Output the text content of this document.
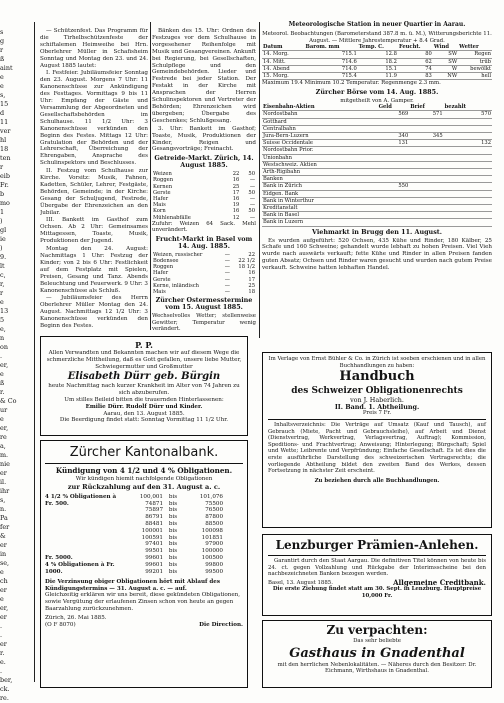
s
g
r
ß
aint
e
e
s,
15
d
11
ver
hl
18
ten
r
eib
Fr.
b
mo
1
)
gl
ie
)
9.
lt
c,
r,
r
e
13
5
e,
n
on
.
er,
e
ß
r.
& Co
ur
e
er,
re
a,
m.
nie
er
il.
ihr
s,
n.
Pa
fer
&
er
in
se,
e
ch
er
e
er,
er
.
.
er
r.
e.
.
ber,
ck.
re.

— Schützenfest. Das Programm für die Tirhelbschützenfeste der schiftalemen Heimweihe bei Hrn. Oberlehrer Müller in Schafisheim Sonntag und Montag den 23. und 24. August 1885 lautet:

I. Festfeier. Jubiläumsfeier Sonntag den 23. August. Morgens 7 Uhr: 11 Kanonenschüsse zur Ankündigung des Festtages. Vormittags 9 bis 11 Uhr: Empfang der Gäste und Versammlung der Abgeordneten und Gesellschaftsbehörden im Schulhause. 11 1/2 Uhr: 3 Kanonenschüsse verkünden den Beginn des Festes. Mittags 12 Uhr: Gratulation der Behörden und der Lehrerschaft, Überreichung der Ehrengaben, Ansprache des Schulinspektors und Beschlusses.

II. Festzug vom Schulhause zur Kirche. Vorsitz: Musik, Fahnen, Kadetten, Schüler, Lehrer, Festgäste, Behörden, Gemeinde; in der Kirche: Gesang der Schuljugend, Festrede, Übergabe der Ehrenzeichen an den Jubilar.

III. Bankett im Gasthof zum Ochsen. Ab 2 Uhr: Gemeinsames Mittagessen, Toaste, Musik, Produktionen der Jugend.

Montag den 24. August: Nachmittags 1 Uhr: Festzug der Kinder; von 2 bis 6 Uhr: Festlichkeit auf dem Festplatz mit Spielen, Preisen, Gesang und Tanz. Abends Beleuchtung und Feuerwerk. 9 Uhr: 3 Kanonenschüsse als Schluß.

— Jubiläumsfeier des Herrn Oberlehrer Müller Montag den 24. August. Nachmittags 12 1/2 Uhr: 3 Kanonenschüsse verkünden den Beginn des Festes.

Bänken des 15. Uhr: Ordnen des Festzuges vor dem Schulhause in vorgesehener Reihenfolge mit Musik und Gesangvereinen. Ankunft bei Regierung, bei Gesellschaften, Schulpflege und den Gemeindebehörden. Lieder und Festrede bei jeder Station. Der Festakt in der Kirche mit Ansprachen der Herren Schulinspektoren und Vertreter der Behörden; Ehrenzeichen wird übergeben; Übergabe des Geschenkes; Schlußgesang.

3. Uhr: Bankett im Gasthof; Toaste, Musik, Produktionen der Kinder, Reigen und Gesangsvorträge; Freinacht.

Getreide-Markt. Zürich, 14. August 1885.
Weizen	22	50
Roggen	16	—
Kernen	25	—
Gerste	17	50
Hafer	16	—
Mais	19	—
Korn	16	50
Mühlenabfälle	12	—
Zufuhr: Weizen 64 Sack. Mehl unverändert.
Frucht-Markt in Basel vom 14. Aug. 1885.
Weizen, russischer	—	22
Bodensee	—	22 1/2
Roggen	—	18 1/2
Hafer	—	16
Gerste	—	17
Kerne, inländisch	—	25
Mais	—	18
Zürcher Ostermesstermine vom 15. August 1885.
Wechselvolles Wetter; stellenweise Gewitter; Temperatur wenig verändert.
Meteorologische Station in neuer Quartier in Aarau.
Meteorol. Beobachtungen (Barometerstand 387.8 m. ü. M.), Witterungsberichte 11. August. — Mittlere Jahrestemperatur + 8.4 Grad.
Datum	Barom. mm	Temp. C.	Feucht.	Wind	Wetter
14. Morg.	715.1	12.8	80	SW	Regen
14. Mitt.	714.6	18.2	62	SW	trüb
14. Abend	714.0	15.1	74	W	bewölkt
15. Morg.	715.4	11.9	83	NW	hell
Maximum 19.4 Minimum 10.2 Temperatur. Regenmenge 2.3 mm.
Zürcher Börse vom 14. Aug. 1885.
mitgetheilt von A. Gamper.
Eisenbahn-Aktien	Geld	Brief	bezahlt
Nordostbahn	569	571	570
Gotthard			
Centralbahn			
Jura-Bern-Luzern	340	345	
Suisse Occidentale	131		132
Nordostbahn Prior.			
Unionbahn			
Westschweiz. Aktien			
Arth-Rigibahn			
Banken			
Bank in Zürich	550		
Eidgen. Bank			
Bank in Winterthur			
Kreditanstalt			
Bank in Basel			
Bank in Luzern			
Viehmarkt in Brugg den 11. August.

Es wurden aufgeführt: 520 Ochsen, 435 Kühe und Rinder, 180 Kälber, 25 Schafe und 160 Schweine; gehandelt wurde lebhaft zu hohen Preisen. Viel Vieh wurde nach auswärts verkauft; fette Kühe und Rinder in allen Preisen fanden guten Absatz; Ochsen und Rinder waren gesucht und wurden nach gutem Preise verkauft. Schweine hatten lebhaften Handel.

P. P.
Allen Verwandten und Bekannten machen wir auf diesem Wege die schmerzliche Mittheilung, daß es Gott gefallen, unsere liebe Mutter, Schwiegermutter und Großmutter
Elisabeth Dürr geb. Bürgin
heute Nachmittag nach kurzer Krankheit im Alter von 74 Jahren zu sich abzuberufen.
Um stilles Beileid bitten die trauernden Hinterlassenen:
Emilie Dürr. Rudolf Dürr und Kinder.
Aarau, den 13. August 1885.
Die Beerdigung findet statt: Sonntag Vormittag 11 1/2 Uhr.
Zürcher Kantonalbank.
Kündigung von 4 1/2 und 4 % Obligationen.
Wir kündigen hiemit nachfolgende Obligationen
zur Rückzahlung auf den 31. August a. c.
4 1/2 % Obligationen à Fr. 500.
Fr. 5000.
4 % Obligationen à Fr. 1000.
100,001 bis	101,076
74871 bis	75500
75897 bis	76500
86791 bis	87800
88481 bis	88500
100001 bis	100098
100591 bis	101851
97401 bis	97900
99501 bis	100000
99601 bis	100500
99601 bis	99800
99201 bis	99500
Die Verzinsung obiger Obligationen hört mit Ablauf des Kündigungstermins — 31. August a. c. — auf.
Gleichzeitig erklären wir uns bereit, diese gekündeten Obligationen, sowie Vergütung der erlaufenen Zinsen schon von heute an gegen Baarzahlung zurückzunehmen.
Zürich, 26. Mai 1885.
(O F 8070)	Die Direction.
Im Verlage von Ernst Bühler & Co. in Zürich ist soeben erschienen und in allen Buchhandlungen zu haben:
Handbuch
des Schweizer Obligationenrechts
von J. Haberlich.
II. Band. 1. Abtheilung.
Preis 7 Fr.

Inhaltsverzeichnis: Die Verträge auf Umsatz (Kauf und Tausch), auf Gebrauch (Miete, Pacht und Gebrauchsleihe), auf Arbeit und Dienst (Dienstvertrag, Werkvertrag, Verlagsvertrag, Auftrag); Kommission, Speditions- und Frachtvertrag; Anweisung; Hinterlegung; Bürgschaft; Spiel und Wette; Leibrente und Verpfründung; Einfache Gesellschaft. Es ist dies die erste ausführliche Darstellung des schweizerischen Vertragsrechts; die vorliegende Abtheilung bildet den zweiten Band des Werkes, dessen Fortsetzung in nächster Zeit erscheint.

Zu beziehen durch alle Buchhandlungen.
Lenzburger Prämien-Anlehen.

Garantirt durch den Staat Aargau. Die definitiven Titel können von heute bis 24. ct. gegen Vollzahlung und Rückgabe der Interimsscheine bei den nachbezeichneten Banken bezogen werden.

Basel, 13. August 1885.	Allgemeine Creditbank.
Die erste Ziehung findet statt am 30. Sept. in Lenzburg. Hauptpreise 10,000 Fr.
Zu verpachten:
Das sehr beliebte
Gasthaus in Gnadenthal
mit den herrlichen Nebenlokalitäten. — Näheres durch den Besitzer: Dr. Eichmann, Wirthshaus in Gnadenthal.
